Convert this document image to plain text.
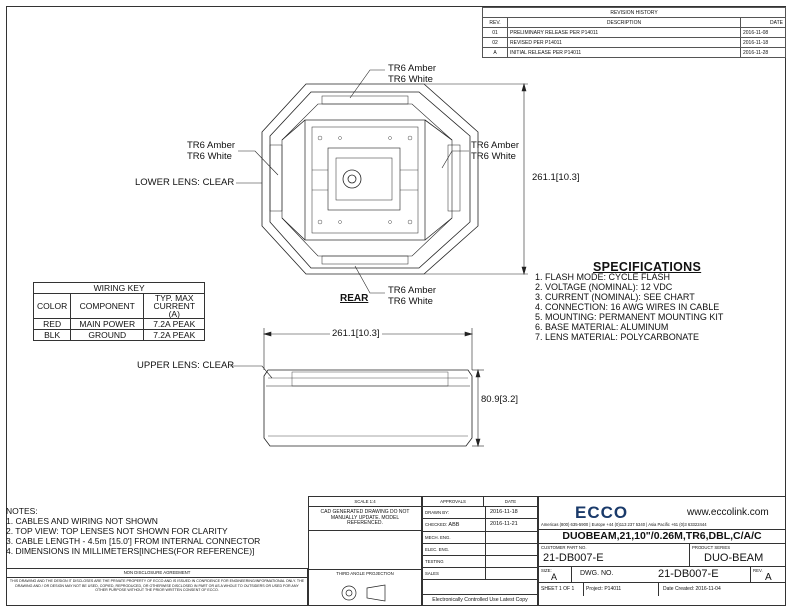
REVISION HISTORY		
REV.	DESCRIPTION	DATE
01	PRELIMINARY RELEASE PER P14011	2016-11-08
02	REVISED PER P14011	2016-11-18
A	INITIAL RELEASE PER P14011	2016-11-28
TR6 Amber
TR6 White
TR6 Amber
TR6 White
TR6 Amber
TR6 White
TR6 Amber
TR6 White
LOWER LENS: CLEAR
UPPER LENS: CLEAR
REAR
261.1[10.3]
261.1[10.3]
80.9[3.2]
SPECIFICATIONS
1. FLASH MODE: CYCLE FLASH
2. VOLTAGE (NOMINAL): 12 VDC
3. CURRENT (NOMINAL): SEE CHART
4. CONNECTION: 16 AWG WIRES IN CABLE
5. MOUNTING: PERMANENT MOUNTING KIT
6. BASE MATERIAL: ALUMINUM
7. LENS MATERIAL: POLYCARBONATE
WIRING KEY		
COLOR	COMPONENT	TYP. MAX CURRENT (A)
RED	MAIN POWER	7.2A PEAK
BLK	GROUND	7.2A PEAK
NOTES:
1. CABLES AND WIRING NOT SHOWN
2. TOP VIEW: TOP LENSES NOT SHOWN FOR CLARITY
3. CABLE LENGTH - 4.5m [15.0'] FROM INTERNAL CONNECTOR
4. DIMENSIONS IN MILLIMETERS[INCHES(FOR REFERENCE)]
NON DISCLOSURE AGREEMENT
THIS DRAWING AND THE DESIGN IT DISCLOSES ARE THE PRIVATE PROPERTY OF ECCO AND IS ISSUED IN CONFIDENCE FOR ENGINEERING/INFORMATIONAL ONLY. THE DRAWING AND / OR DESIGN MAY NOT BE USED, COPIED, REPRODUCED, OR OTHERWISE DISCLOSED IN PART OR AS A WHOLE TO OUTSIDERS OR USED FOR ANY OTHER PURPOSE WITHOUT THE PRIOR WRITTEN CONSENT OF ECCO.
SCALE 1:4
CAD GENERATED DRAWING DO NOT MANUALLY UPDATE. MODEL REFERENCED.
THIRD ANGLE PROJECTION
APPROVALS	DATE
DRAWN BY:	2016-11-18
CHECKED: ABB	2016-11-21
MECH. ENG.
ELEC. ENG.
TESTING
SALES
Electronically Controlled Use Latest Copy
ECCO	www.eccolink.com
Americas (800) 635-5900 | Europe +44 (0)113 237 5340 | Asia Pacific +61 (0)3 63322444
DUOBEAM,21,10"/0.26M,TR6,DBL,C/A/C
CUSTOMER PART NO.
21-DB007-E
PRODUCT SERIES
DUO-BEAM
SIZE:
A	DWG. NO.	21-DB007-E	REV.
A
SHEET 1 OF 1	Project: P14011	Date Created: 2016-11-04
